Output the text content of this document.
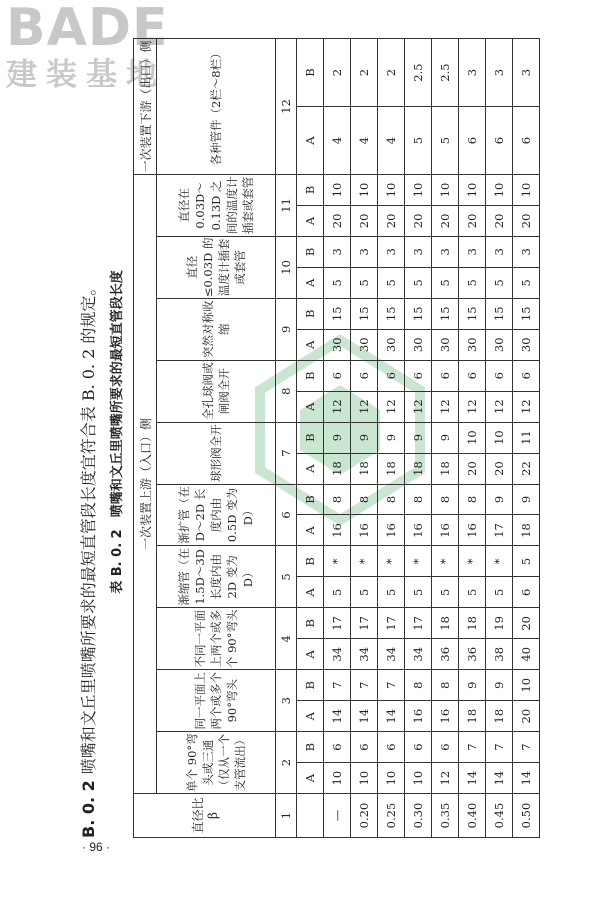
BADE
建装基地
B. 0. 2喷嘴和文丘里喷嘴所要求的最短直管段长度宜符合表 B. 0. 2 的规定。 表 B. 0. 2喷嘴和文丘里喷嘴所要求的最短直管段长度
直径比 β	一次装置上游（入口）侧																				一次装置下游（出口）侧	
	单个 90°弯头或三通（仅从一个支管流出）		同一平面上两个或多个 90°弯头		不同一平面上两个或多个 90°弯头		渐缩管（在 1.5D～3D 长度内由 2D 变为 D）		渐扩管（在 D～2D 长度内由 0.5D 变为 D）		球形阀全开		全孔球阀或闸阀全开		突然对称收缩		直径 ≤0.03D 的温度计插套或套管		直径在 0.03D～0.13D 之间的温度计插套或套管		各种管件（2栏～8栏）	
1	2		3		4		5		6		7		8		9		10		11		12	
	A	B	A	B	A	B	A	B	A	B	A	B	A	B	A	B	A	B	A	B	A	B
—	10	6	14	7	34	17	5	*	16	8	18	9	12	6	30	15	5	3	20	10	4	2
0.20	10	6	14	7	34	17	5	*	16	8	18	9	12	6	30	15	5	3	20	10	4	2
0.25	10	6	14	7	34	17	5	*	16	8	18	9	12	6	30	15	5	3	20	10	4	2
0.30	10	6	16	8	34	17	5	*	16	8	18	9	12	6	30	15	5	3	20	10	5	2.5
0.35	12	6	16	8	36	18	5	*	16	8	18	9	12	6	30	15	5	3	20	10	5	2.5
0.40	14	7	18	9	36	18	5	*	16	8	20	10	12	6	30	15	5	3	20	10	6	3
0.45	14	7	18	9	38	19	5	*	17	9	20	10	12	6	30	15	5	3	20	10	6	3
0.50	14	7	20	10	40	20	6	5	18	9	22	11	12	6	30	15	5	3	20	10	6	3
· 96 ·
